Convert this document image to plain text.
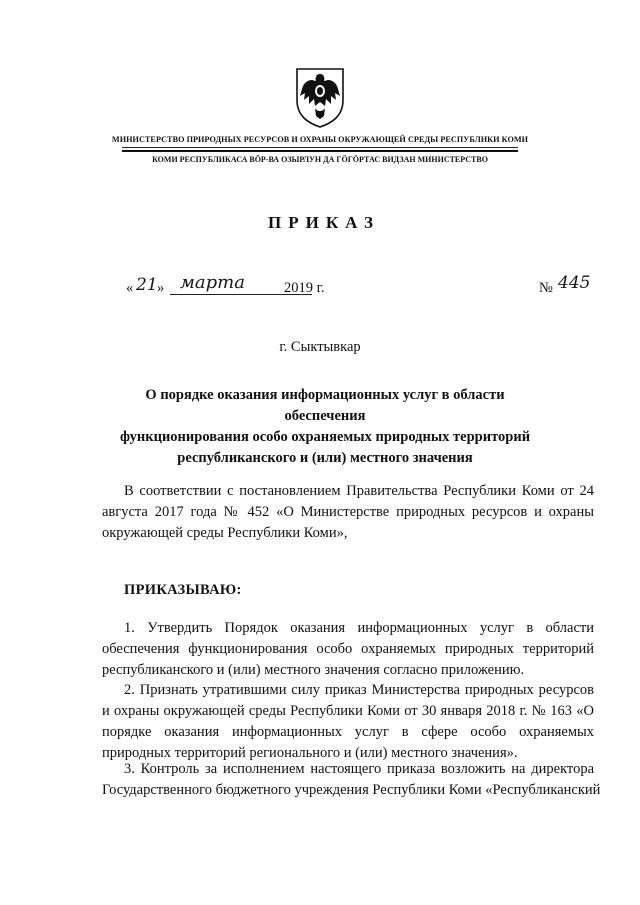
МИНИСТЕРСТВО ПРИРОДНЫХ РЕСУРСОВ И ОХРАНЫ ОКРУЖАЮЩЕЙ СРЕДЫ РЕСПУБЛИКИ КОМИ
КОМИ РЕСПУБЛИКАСА ВӦР-ВА ОЗЫРЛУН ДА ГӦГӦРТАС ВИДЗАН МИНИСТЕРСТВО
ПРИКАЗ
« 21 » марта	2019 г.	№ 445
г. Сыктывкар
О порядке оказания информационных услуг в области обеспечения
функционирования особо охраняемых природных территорий
республиканского и (или) местного значения
В соответствии с постановлением Правительства Республики Коми от 24
августа 2017 года № 452 «О Министерстве природных ресурсов и охраны
окружающей среды Республики Коми»,
ПРИКАЗЫВАЮ:
1. Утвердить Порядок оказания информационных услуг в области
обеспечения функционирования особо охраняемых природных территорий
республиканского и (или) местного значения согласно приложению.
2. Признать утратившими силу приказ Министерства природных ресурсов
и охраны окружающей среды Республики Коми от 30 января 2018 г. № 163 «О
порядке оказания информационных услуг в сфере особо охраняемых
природных территорий регионального и (или) местного значения».
3. Контроль за исполнением настоящего приказа возложить на директора
Государственного бюджетного учреждения Республики Коми «Республиканский
